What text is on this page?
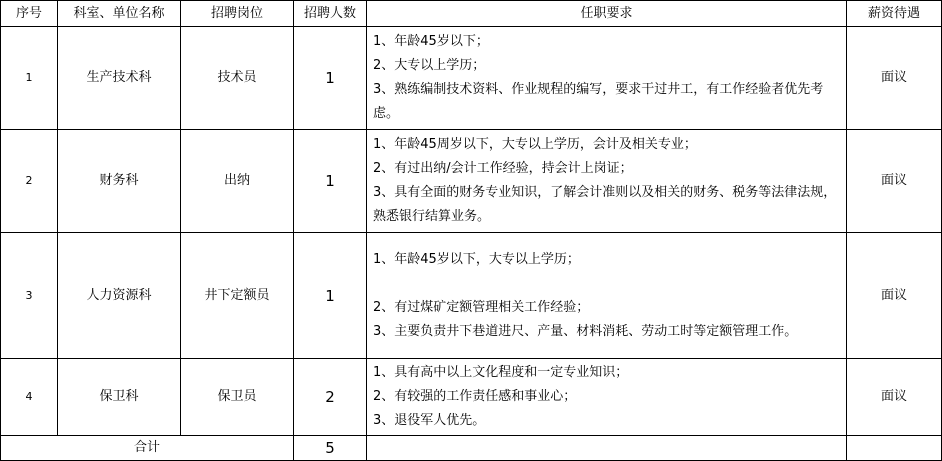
序号	科室、单位名称	招聘岗位	招聘人数	任职要求	薪资待遇
1	生产技术科	技术员	1	1、年龄45岁以下；
2、大专以上学历；
3、熟练编制技术资料、作业规程的编写，要求干过井工，有工作经验者优先考虑。	面议
2	财务科	出纳	1	1、年龄45周岁以下，大专以上学历，会计及相关专业；
2、有过出纳/会计工作经验，持会计上岗证；
3、具有全面的财务专业知识，了解会计准则以及相关的财务、税务等法律法规，熟悉银行结算业务。	面议
3	人力资源科	井下定额员	1	1、年龄45岁以下，大专以上学历；
2、有过煤矿定额管理相关工作经验；
3、主要负责井下巷道进尺、产量、材料消耗、劳动工时等定额管理工作。	面议
4	保卫科	保卫员	2	1、具有高中以上文化程度和一定专业知识；
2、有较强的工作责任感和事业心；
3、退役军人优先。	面议
合计			5		
